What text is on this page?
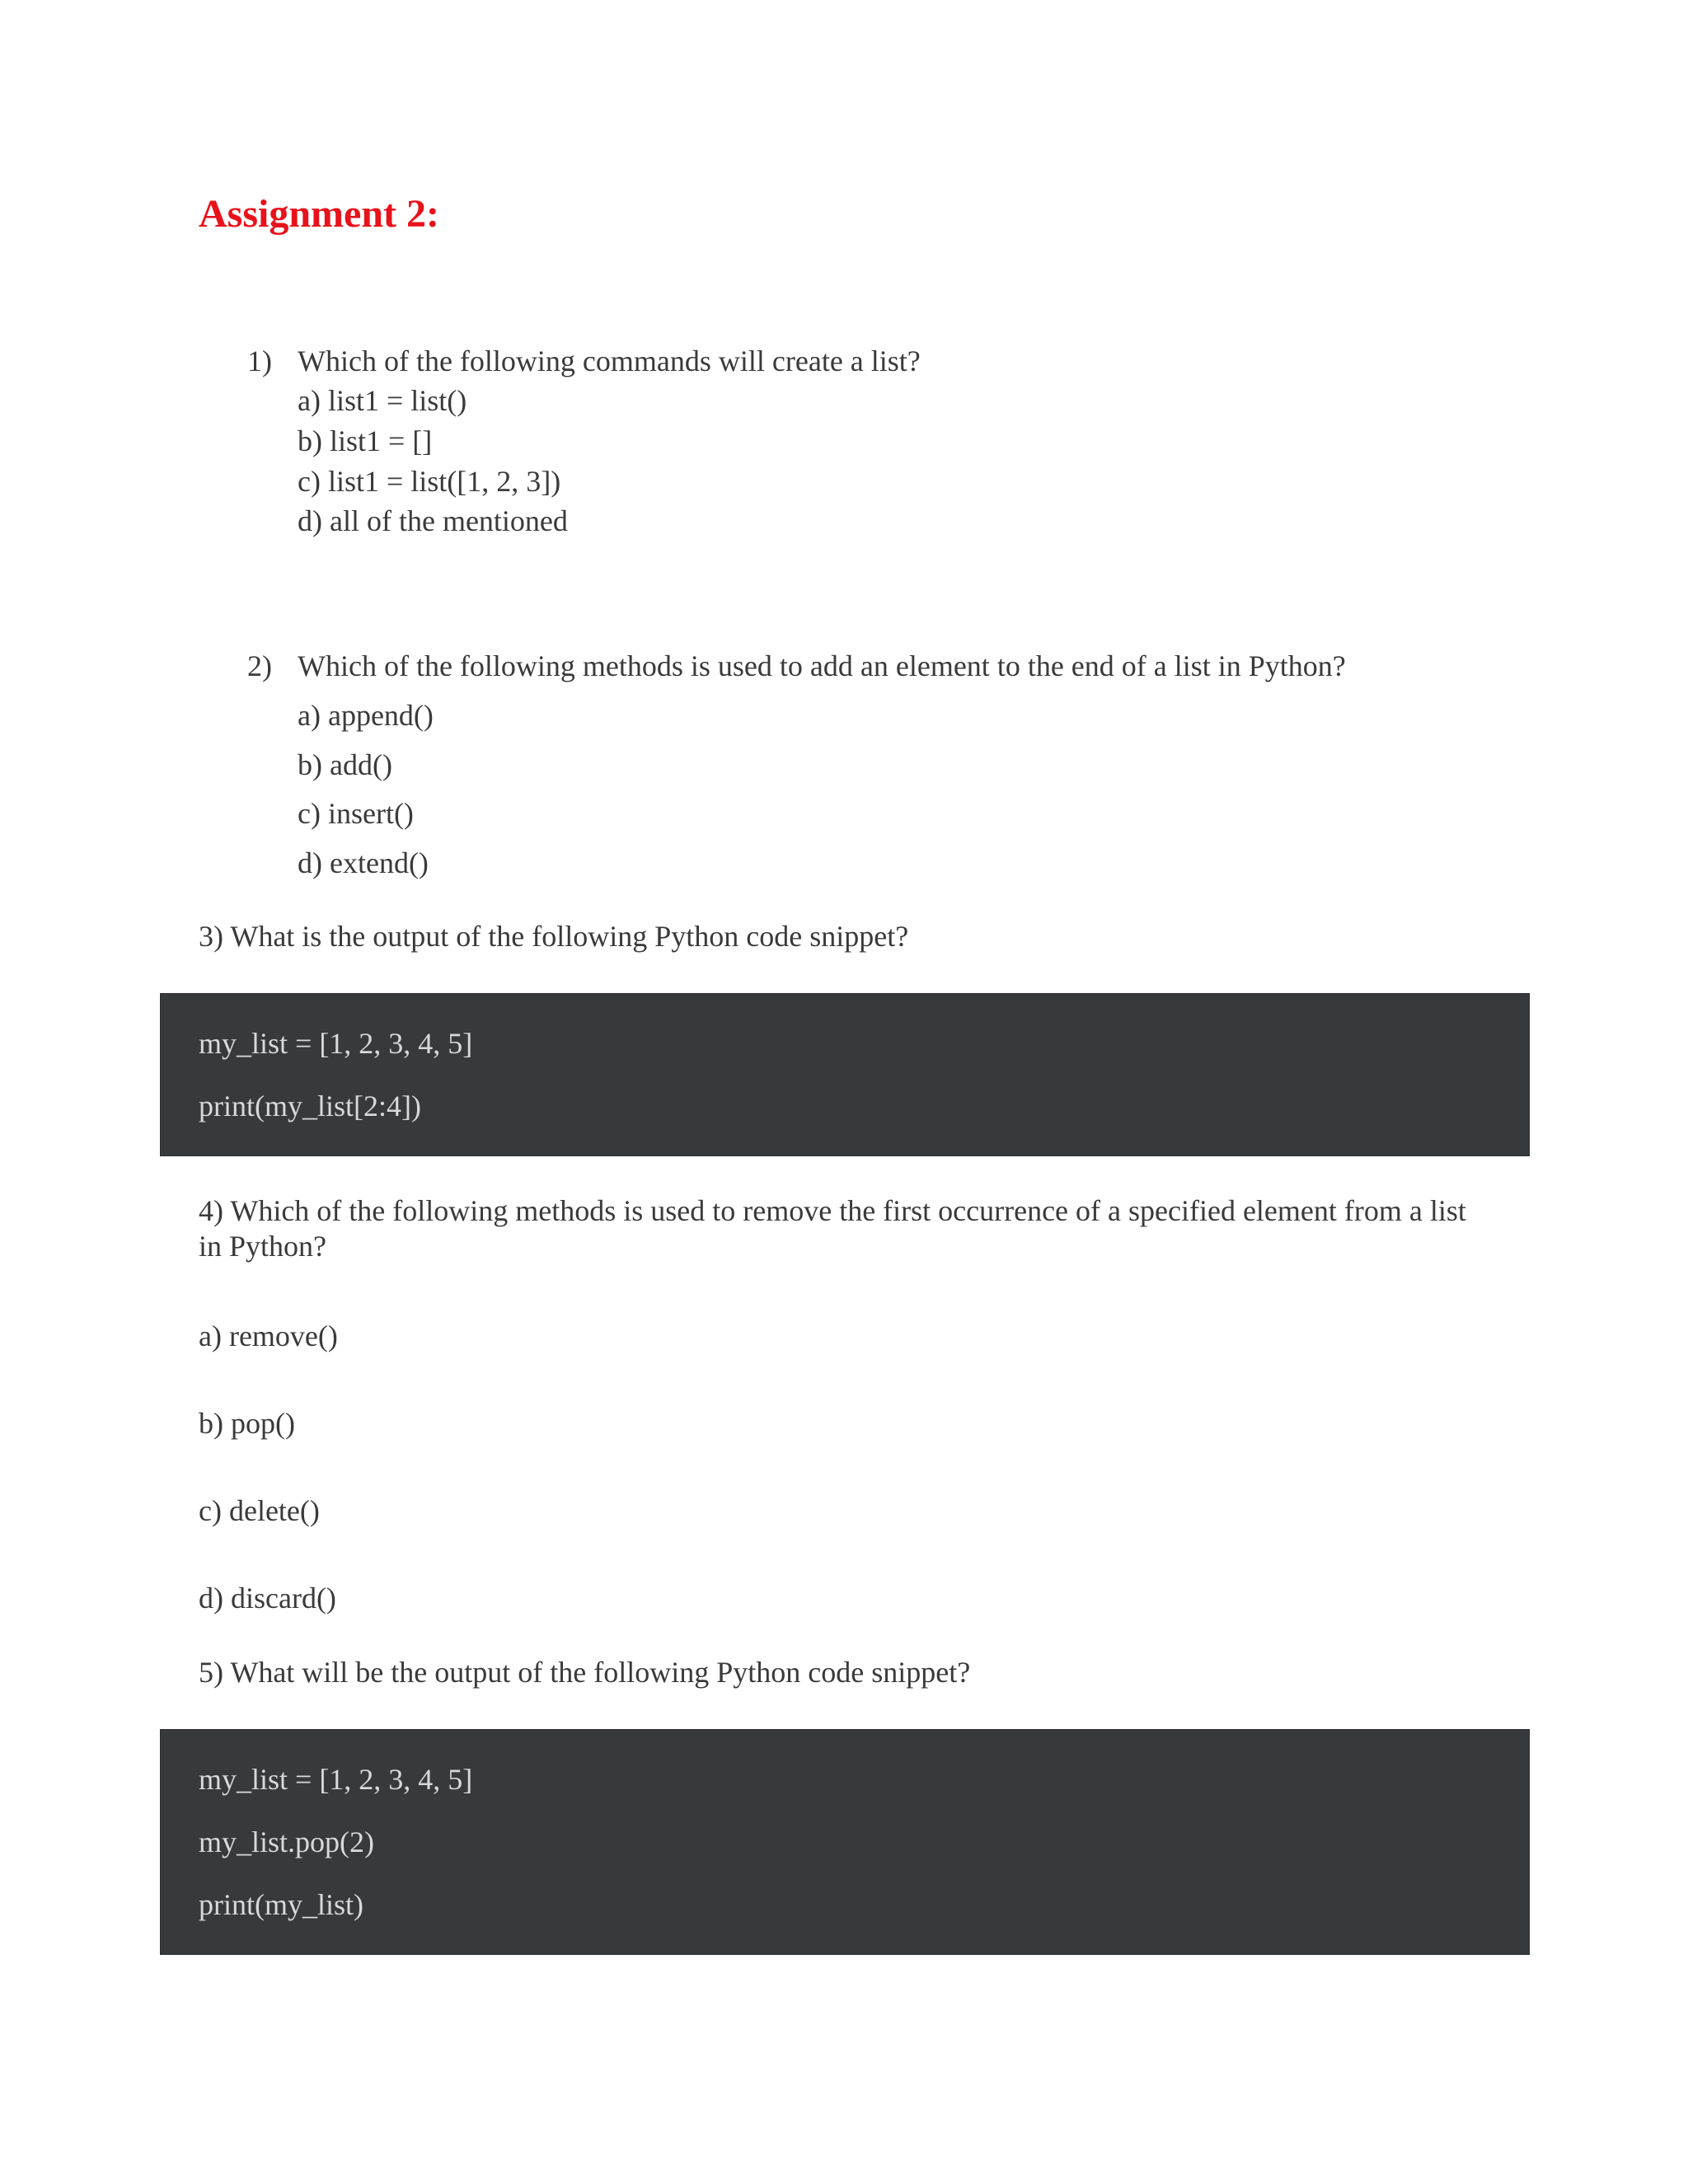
Assignment 2:
1) Which of the following commands will create a list?
a) list1 = list()
b) list1 = []
c) list1 = list([1, 2, 3])
d) all of the mentioned
2) Which of the following methods is used to add an element to the end of a list in Python?
a) append()
b) add()
c) insert()
d) extend()
3) What is the output of the following Python code snippet?
my_list = [1, 2, 3, 4, 5]
print(my_list[2:4])

4) Which of the following methods is used to remove the first occurrence of a specified element from a list in Python?

a) remove()
b) pop()
c) delete()
d) discard()
5) What will be the output of the following Python code snippet?
my_list = [1, 2, 3, 4, 5]
my_list.pop(2)
print(my_list)
